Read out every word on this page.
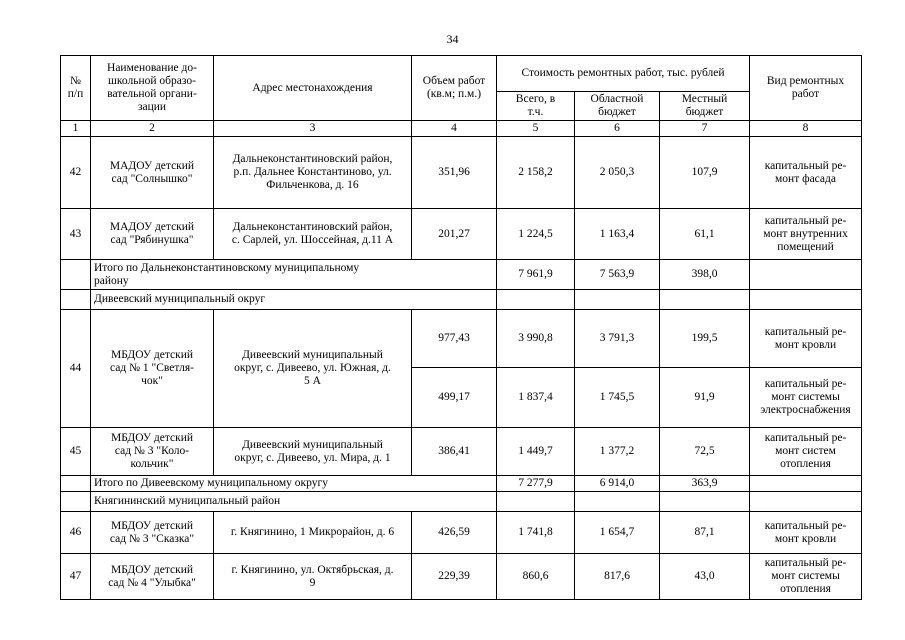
34
№
п/п	Наименование до-
школьной образо-
вательной органи-
зации	Адрес местонахождения	Объем работ
(кв.м; п.м.)	Стоимость ремонтных работ, тыс. рублей			Вид ремонтных
работ
				Всего, в
т.ч.	Областной
бюджет	Местный
бюджет	
1	2	3	4	5	6	7	8
42	МАДОУ детский
сад "Солнышко"	Дальнеконстантиновский район,
р.п. Дальнее Константиново, ул.
Фильченкова, д. 16	351,96	2 158,2	2 050,3	107,9	капитальный ре-
монт фасада
43	МАДОУ детский
сад "Рябинушка"	Дальнеконстантиновский район,
с. Сарлей, ул. Шоссейная, д.11 А	201,27	1 224,5	1 163,4	61,1	капитальный ре-
монт внутренних
помещений
	Итого по Дальнеконстантиновскому муниципальному
району			7 961,9	7 563,9	398,0	
	Дивеевский муниципальный округ						
44	МБДОУ детский
сад № 1 "Светля-
чок"	Дивеевский муниципальный
округ, с. Дивеево, ул. Южная, д.
5 А	977,43	3 990,8	3 791,3	199,5	капитальный ре-
монт кровли
			499,17	1 837,4	1 745,5	91,9	капитальный ре-
монт системы
электроснабжения
45	МБДОУ детский
сад № 3 "Коло-
кольчик"	Дивеевский муниципальный
округ, с. Дивеево, ул. Мира, д. 1	386,41	1 449,7	1 377,2	72,5	капитальный ре-
монт систем
отопления
	Итого по Дивеевскому муниципальному округу			7 277,9	6 914,0	363,9	
	Княгининский муниципальный район						
46	МБДОУ детский
сад № 3 "Сказка"	г. Княгинино, 1 Микрорайон, д. 6	426,59	1 741,8	1 654,7	87,1	капитальный ре-
монт кровли
47	МБДОУ детский
сад № 4 "Улыбка"	г. Княгинино, ул. Октябрьская, д.
9	229,39	860,6	817,6	43,0	капитальный ре-
монт системы
отопления
